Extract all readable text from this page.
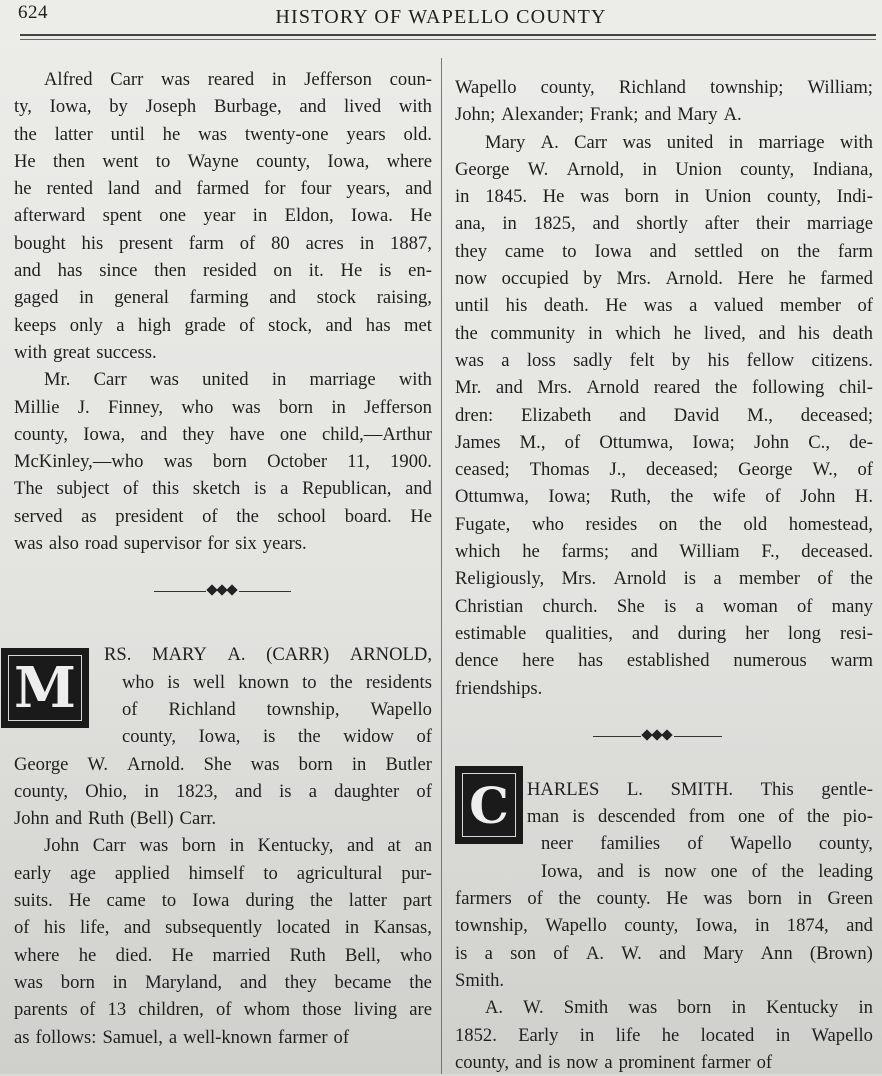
624	HISTORY OF WAPELLO COUNTY
Alfred Carr was reared in Jefferson coun-
ty, Iowa, by Joseph Burbage, and lived with
the latter until he was twenty-one years old.
He then went to Wayne county, Iowa, where
he rented land and farmed for four years, and
afterward spent one year in Eldon, Iowa. He
bought his present farm of 80 acres in 1887,
and has since then resided on it. He is en-
gaged in general farming and stock raising,
keeps only a high grade of stock, and has met
with great success.
Mr. Carr was united in marriage with
Millie J. Finney, who was born in Jefferson
county, Iowa, and they have one child,—Arthur
McKinley,—who was born October 11, 1900.
The subject of this sketch is a Republican, and
served as president of the school board. He
was also road supervisor for six years.
RS. MARY A. (CARR) ARNOLD,
who is well known to the residents
of Richland township, Wapello
county, Iowa, is the widow of
George W. Arnold. She was born in Butler
county, Ohio, in 1823, and is a daughter of
John and Ruth (Bell) Carr.
John Carr was born in Kentucky, and at an
early age applied himself to agricultural pur-
suits. He came to Iowa during the latter part
of his life, and subsequently located in Kansas,
where he died. He married Ruth Bell, who
was born in Maryland, and they became the
parents of 13 children, of whom those living are
as follows: Samuel, a well-known farmer of
M
Wapello county, Richland township; William;
John; Alexander; Frank; and Mary A.
Mary A. Carr was united in marriage with
George W. Arnold, in Union county, Indiana,
in 1845. He was born in Union county, Indi-
ana, in 1825, and shortly after their marriage
they came to Iowa and settled on the farm
now occupied by Mrs. Arnold. Here he farmed
until his death. He was a valued member of
the community in which he lived, and his death
was a loss sadly felt by his fellow citizens.
Mr. and Mrs. Arnold reared the following chil-
dren: Elizabeth and David M., deceased;
James M., of Ottumwa, Iowa; John C., de-
ceased; Thomas J., deceased; George W., of
Ottumwa, Iowa; Ruth, the wife of John H.
Fugate, who resides on the old homestead,
which he farms; and William F., deceased.
Religiously, Mrs. Arnold is a member of the
Christian church. She is a woman of many
estimable qualities, and during her long resi-
dence here has established numerous warm
friendships.
HARLES L. SMITH. This gentle-
man is descended from one of the pio-
neer families of Wapello county,
Iowa, and is now one of the leading
farmers of the county. He was born in Green
township, Wapello county, Iowa, in 1874, and
is a son of A. W. and Mary Ann (Brown)
Smith.
A. W. Smith was born in Kentucky in
1852. Early in life he located in Wapello
county, and is now a prominent farmer of
C
